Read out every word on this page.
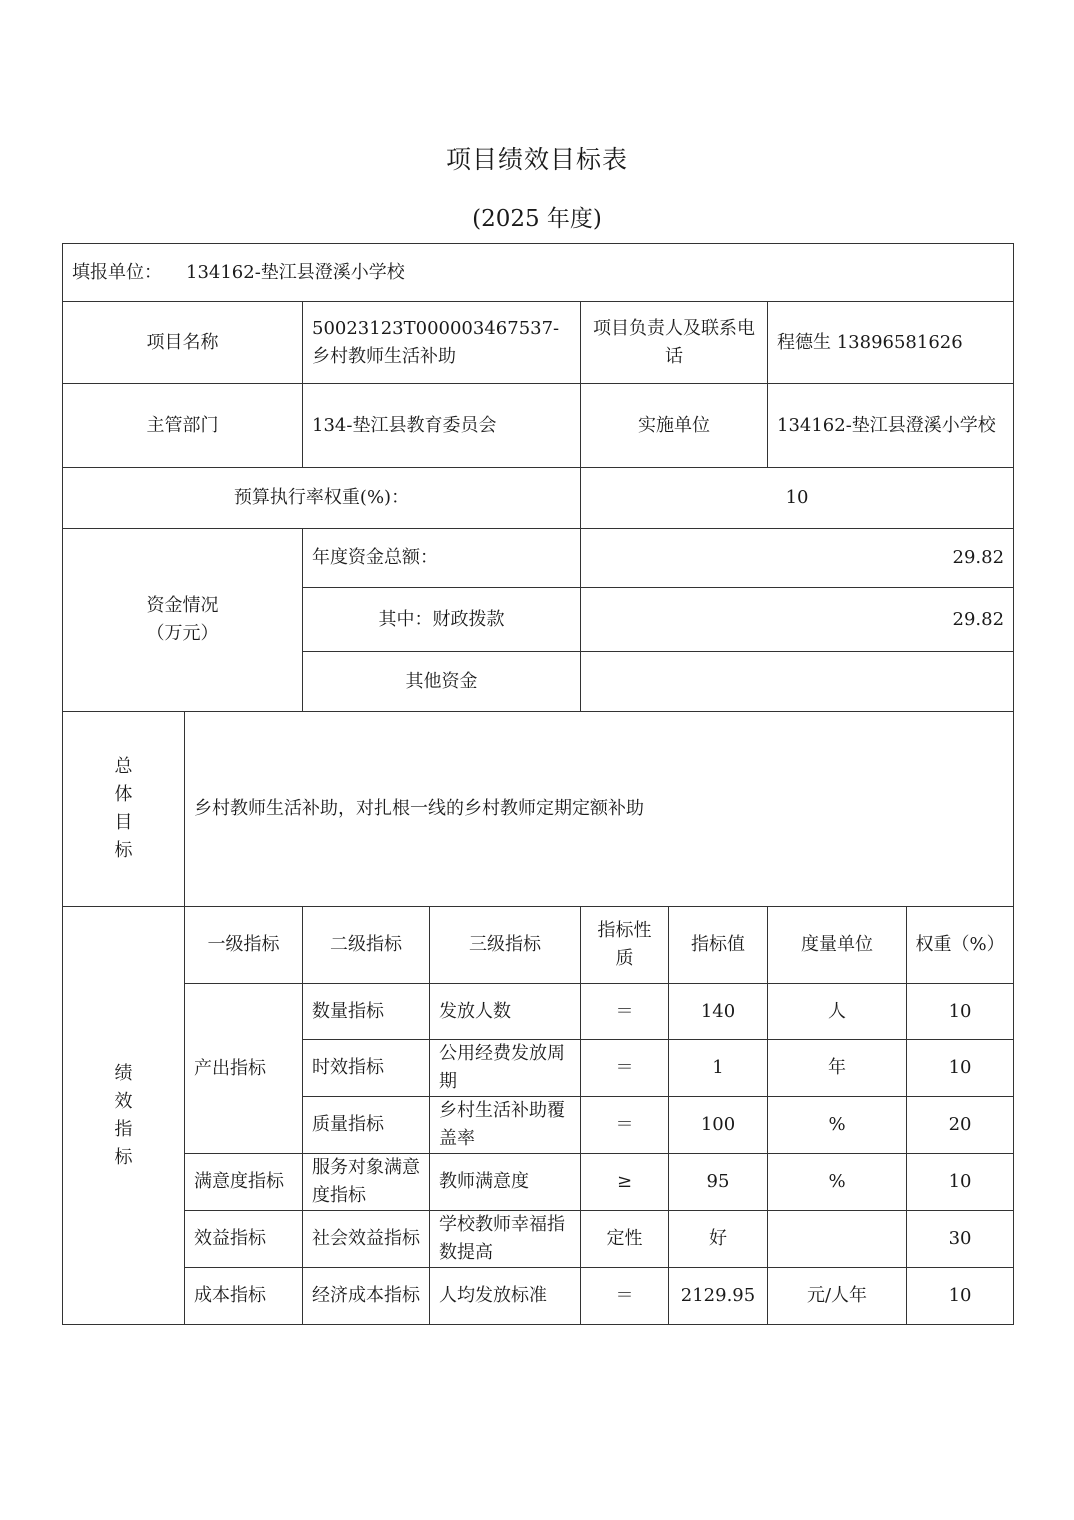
项目绩效目标表
(2025 年度)
填报单位： 134162-垫江县澄溪小学校							
项目名称		50023123T000003467537-乡村教师生活补助		项目负责人及联系电话		程德生 13896581626	
主管部门		134-垫江县教育委员会		实施单位		134162-垫江县澄溪小学校	
预算执行率权重(%)：				10			

资金情况
（万元）		年度资金总额：		29.82			
		其中：财政拨款		29.82			
		其他资金					

总
体
目
标	乡村教师生活补助，对扎根一线的乡村教师定期定额补助						

绩
效
指
标	一级指标	二级指标	三级指标	指标性质	指标值	度量单位	权重（%）
	产出指标	数量指标	发放人数	＝	140	人	10
		时效指标	公用经费发放周期	＝	1	年	10
		质量指标	乡村生活补助覆盖率	＝	100	%	20
	满意度指标	服务对象满意度指标	教师满意度	≥	95	%	10
	效益指标	社会效益指标	学校教师幸福指数提高	定性	好		30
	成本指标	经济成本指标	人均发放标准	＝	2129.95	元/人年	10
